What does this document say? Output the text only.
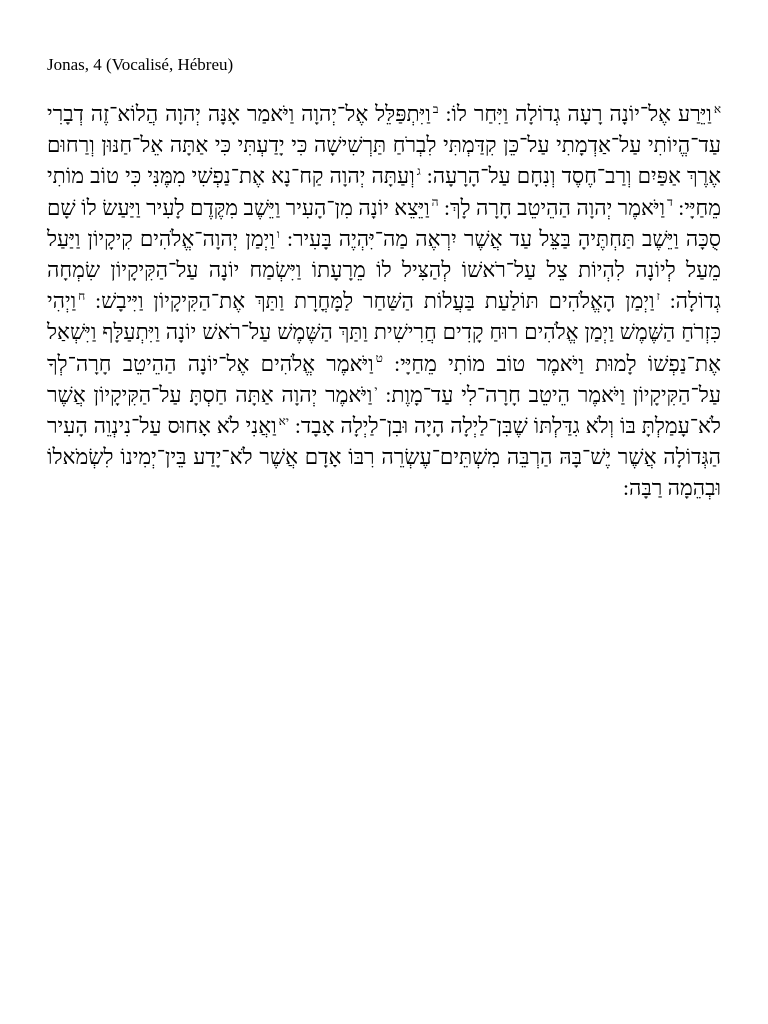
Jonas, 4 (Vocalisé, Hébreu)

$^א$וַיֵּרַע אֶל־יוֹנָה רָעָה גְדוֹלָה וַיִּחַר לוֹ: $^ב$וַיִּתְפַּלֵּל אֶל־יְהוָה וַיֹּאמַר אָנָּה יְהוָה הֲלוֹא־זֶה דְבָרִי עַד־הֱיוֹתִי עַל־אַדְמָתִי עַל־כֵּן קִדַּמְתִּי לִבְרֹחַ תַּרְשִׁישָׁה כִּי יָדַעְתִּי כִּי אַתָּה אֵל־חַנּוּן וְרַחוּם אֶרֶךְ אַפַּיִם וְרַב־חֶסֶד וְנִחָם עַל־הָרָעָה: $^ג$וְעַתָּה יְהוָה קַח־נָא אֶת־נַפְשִׁי מִמֶּנִּי כִּי טוֹב מוֹתִי מֵחַיָּי: $^ד$וַיֹּאמֶר יְהוָה הַהֵיטֵב חָרָה לָךְ: $^ה$וַיֵּצֵא יוֹנָה מִן־הָעִיר וַיֵּשֶׁב מִקֶּדֶם לָעִיר וַיַּעַשׂ לוֹ שָׁם סֻכָּה וַיֵּשֶׁב תַּחְתֶּיהָ בַּצֵּל עַד אֲשֶׁר יִרְאֶה מַה־יִּהְיֶה בָּעִיר: $^ו$וַיְמַן יְהוָה־אֱלֹהִים קִיקָיוֹן וַיַּעַל מֵעַל לְיוֹנָה לִהְיוֹת צֵל עַל־רֹאשׁוֹ לְהַצִּיל לוֹ מֵרָעָתוֹ וַיִּשְׂמַח יוֹנָה עַל־הַקִּיקָיוֹן שִׂמְחָה גְדוֹלָה: $^ז$וַיְמַן הָאֱלֹהִים תּוֹלַעַת בַּעֲלוֹת הַשַּׁחַר לַמָּחֳרָת וַתַּךְ אֶת־הַקִּיקָיוֹן וַיִּיבָשׁ: $^ח$וַיְהִי כִּזְרֹחַ הַשֶּׁמֶשׁ וַיְמַן אֱלֹהִים רוּחַ קָדִים חֲרִישִׁית וַתַּךְ הַשֶּׁמֶשׁ עַל־רֹאשׁ יוֹנָה וַיִּתְעַלָּף וַיִּשְׁאַל אֶת־נַפְשׁוֹ לָמוּת וַיֹּאמֶר טוֹב מוֹתִי מֵחַיָּי: $^ט$וַיֹּאמֶר אֱלֹהִים אֶל־יוֹנָה הַהֵיטֵב חָרָה־לְךָ עַל־הַקִּיקָיוֹן וַיֹּאמֶר הֵיטֵב חָרָה־לִי עַד־מָוֶת: $^י$וַיֹּאמֶר יְהוָה אַתָּה חַסְתָּ עַל־הַקִּיקָיוֹן אֲשֶׁר לֹא־עָמַלְתָּ בּוֹ וְלֹא גִדַּלְתּוֹ שֶׁבִּן־לַיְלָה הָיָה וּבִן־לַיְלָה אָבָד: $^{יא}$וַאֲנִי לֹא אָחוּס עַל־נִינְוֵה הָעִיר הַגְּדוֹלָה אֲשֶׁר יֶשׁ־בָּהּ הַרְבֵּה מִשְׁתֵּים־עֶשְׂרֵה רִבּוֹ אָדָם אֲשֶׁר לֹא־יָדַע בֵּין־יְמִינוֹ לִשְׂמֹאלוֹ וּבְהֵמָה רַבָּה:
